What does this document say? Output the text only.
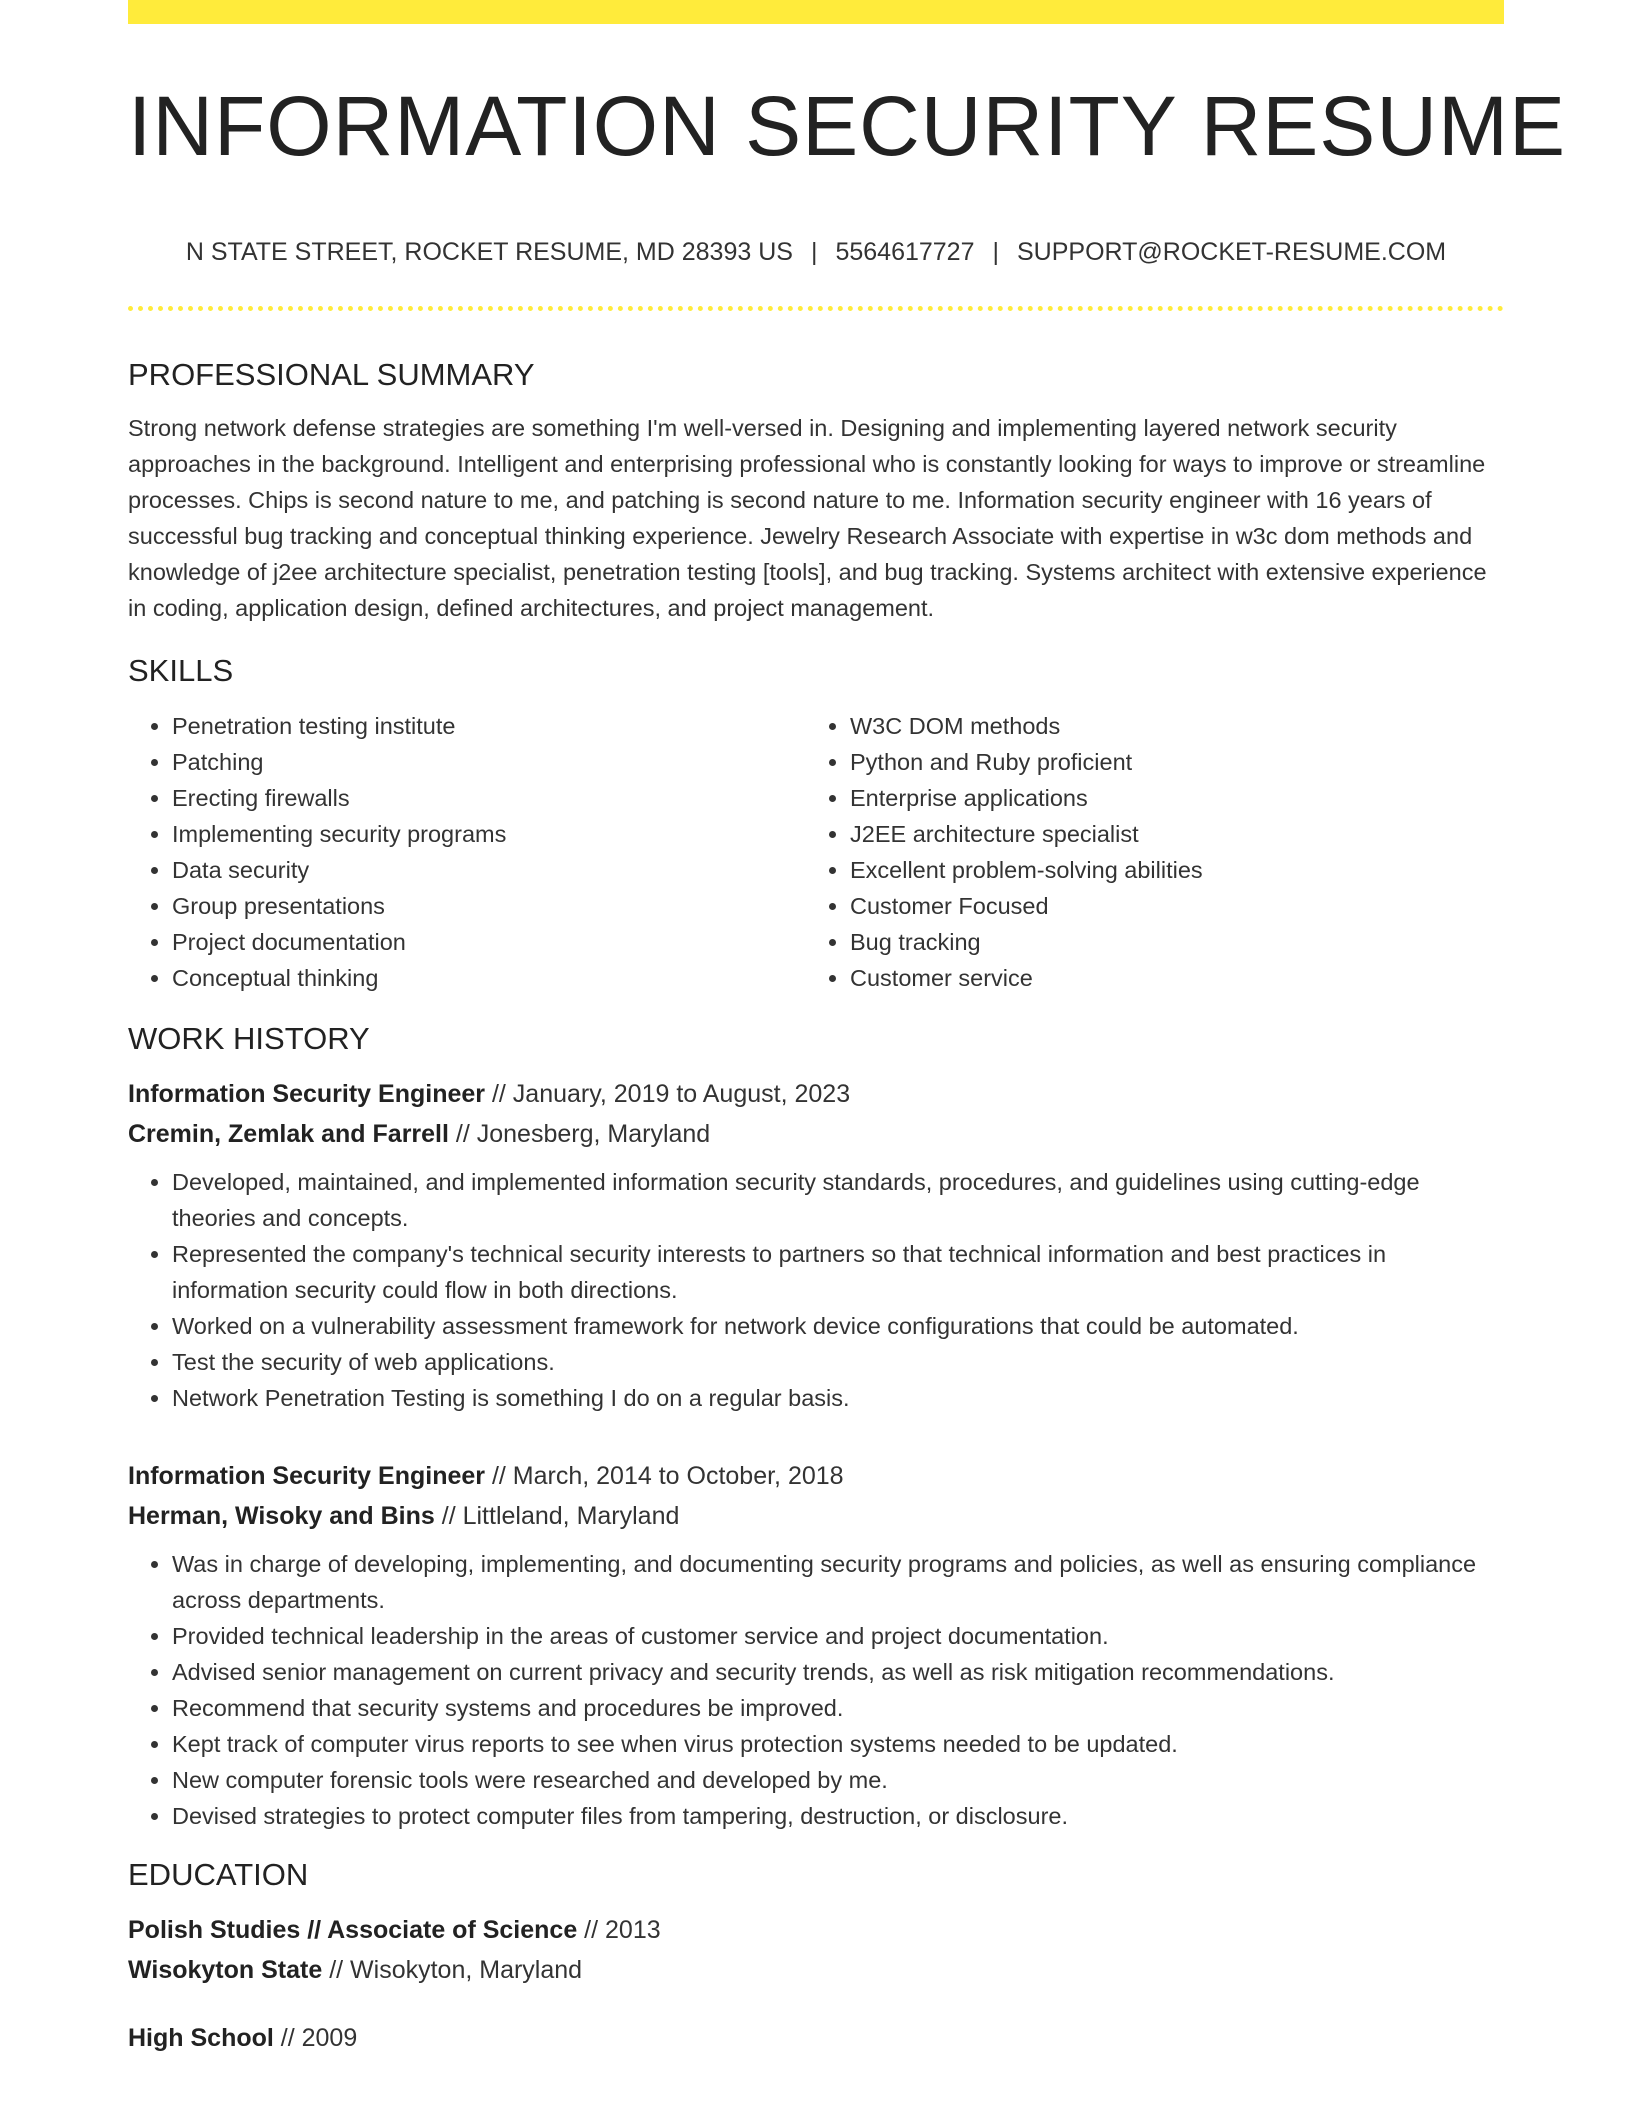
INFORMATION SECURITY RESUME
N STATE STREET, ROCKET RESUME, MD 28393 US | 5564617727 | SUPPORT@ROCKET-RESUME.COM
PROFESSIONAL SUMMARY

Strong network defense strategies are something I'm well-versed in. Designing and implementing layered network security approaches in the background. Intelligent and enterprising professional who is constantly looking for ways to improve or streamline processes. Chips is second nature to me, and patching is second nature to me. Information security engineer with 16 years of successful bug tracking and conceptual thinking experience. Jewelry Research Associate with expertise in w3c dom methods and knowledge of j2ee architecture specialist, penetration testing [tools], and bug tracking. Systems architect with extensive experience in coding, application design, defined architectures, and project management.

SKILLS
• Penetration testing institute
• Patching
• Erecting firewalls
• Implementing security programs
• Data security
• Group presentations
• Project documentation
• Conceptual thinking
• W3C DOM methods
• Python and Ruby proficient
• Enterprise applications
• J2EE architecture specialist
• Excellent problem-solving abilities
• Customer Focused
• Bug tracking
• Customer service
WORK HISTORY
Information Security Engineer // January, 2019 to August, 2023
Cremin, Zemlak and Farrell // Jonesberg, Maryland
• Developed, maintained, and implemented information security standards, procedures, and guidelines using cutting-edge theories and concepts.
• Represented the company's technical security interests to partners so that technical information and best practices in information security could flow in both directions.
• Worked on a vulnerability assessment framework for network device configurations that could be automated.
• Test the security of web applications.
• Network Penetration Testing is something I do on a regular basis.
Information Security Engineer // March, 2014 to October, 2018
Herman, Wisoky and Bins // Littleland, Maryland
• Was in charge of developing, implementing, and documenting security programs and policies, as well as ensuring compliance across departments.
• Provided technical leadership in the areas of customer service and project documentation.
• Advised senior management on current privacy and security trends, as well as risk mitigation recommendations.
• Recommend that security systems and procedures be improved.
• Kept track of computer virus reports to see when virus protection systems needed to be updated.
• New computer forensic tools were researched and developed by me.
• Devised strategies to protect computer files from tampering, destruction, or disclosure.
EDUCATION
Polish Studies // Associate of Science // 2013
Wisokyton State // Wisokyton, Maryland
High School // 2009
